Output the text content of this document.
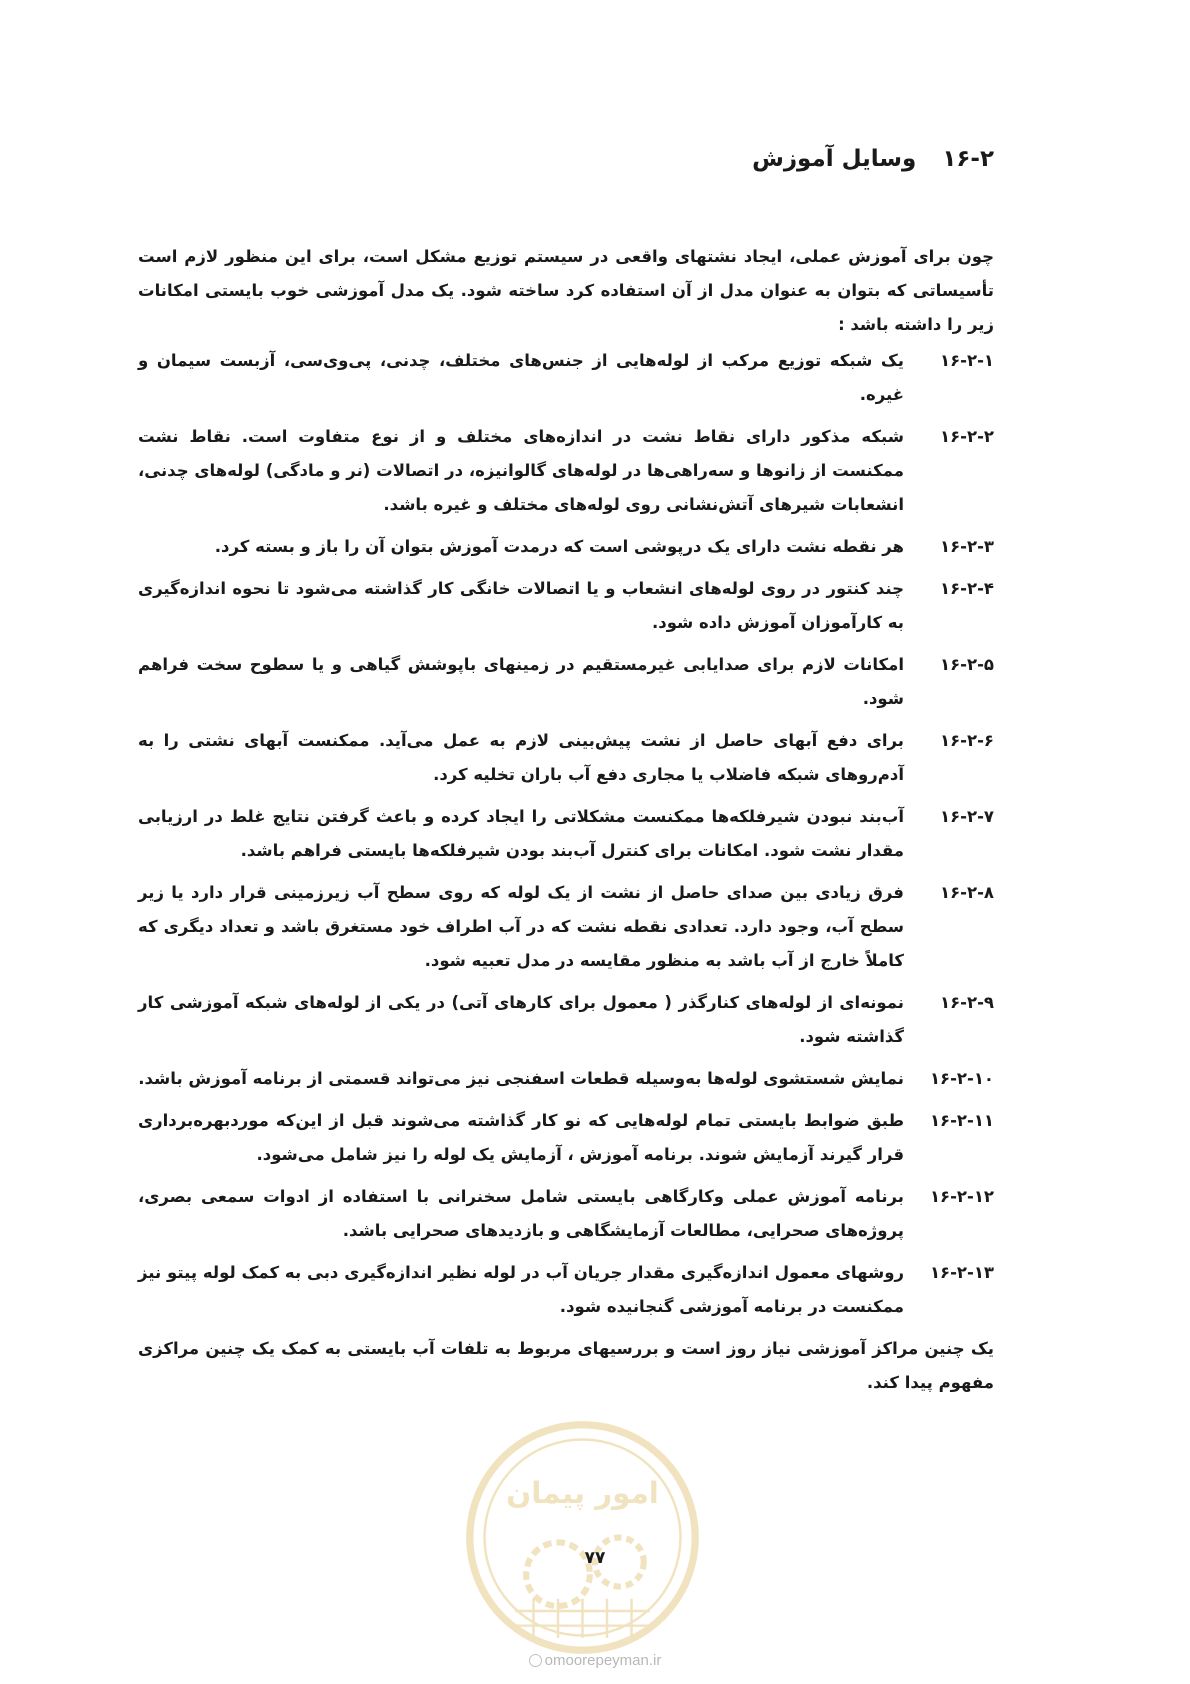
۱۶-۲وسایل آموزش

چون برای آموزش عملی، ایجاد نشتهای واقعی در سیستم توزیع مشکل است، برای این منظور لازم است تأسیساتی که بتوان به عنوان مدل از آن استفاده کرد ساخته شود. یک مدل آموزشی خوب بایستی امکانات زیر را داشته باشد :

۱۶-۲-۱
یک شبکه توزیع مرکب از لوله‌هایی از جنس‌های مختلف، چدنی، پی‌وی‌سی، آزبست سیمان و غیره.
۱۶-۲-۲
شبکه مذکور دارای نقاط نشت در اندازه‌های مختلف و از نوع متفاوت است. نقاط نشت ممکنست از زانوها و سه‌راهی‌ها در لوله‌های گالوانیزه، در اتصالات (نر و مادگی) لوله‌های چدنی، انشعابات شیرهای آتش‌نشانی روی لوله‌های مختلف و غیره باشد.
۱۶-۲-۳
هر نقطه نشت دارای یک درپوشی است که درمدت آموزش بتوان آن را باز و بسته کرد.
۱۶-۲-۴
چند کنتور در روی لوله‌های انشعاب و یا اتصالات خانگی کار گذاشته می‌شود تا نحوه اندازه‌گیری به کارآموزان آموزش داده شود.
۱۶-۲-۵
امکانات لازم برای صدایابی غیرمستقیم در زمینهای باپوشش گیاهی و یا سطوح سخت فراهم شود.
۱۶-۲-۶
برای دفع آبهای حاصل از نشت پیش‌بینی لازم به عمل می‌آید. ممکنست آبهای نشتی را به آدم‌روهای شبکه فاضلاب یا مجاری دفع آب باران تخلیه کرد.
۱۶-۲-۷
آب‌بند نبودن شیرفلکه‌ها ممکنست مشکلاتی را ایجاد کرده و باعث گرفتن نتایج غلط در ارزیابی مقدار نشت شود. امکانات برای کنترل آب‌بند بودن شیرفلکه‌ها بایستی فراهم باشد.
۱۶-۲-۸
فرق زیادی بین صدای حاصل از نشت از یک لوله که روی سطح آب زیرزمینی قرار دارد یا زیر سطح آب، وجود دارد. تعدادی نقطه نشت که در آب اطراف خود مستغرق باشد و تعداد دیگری که کاملاً خارج از آب باشد به منظور مقایسه در مدل تعبیه شود.
۱۶-۲-۹
نمونه‌ای از لوله‌های کنارگذر ( معمول برای کارهای آتی) در یکی از لوله‌های شبکه آموزشی کار گذاشته شود.
۱۶-۲-۱۰
نمایش شستشوی لوله‌ها به‌وسیله قطعات اسفنجی نیز می‌تواند قسمتی از برنامه آموزش باشد.
۱۶-۲-۱۱
طبق ضوابط بایستی تمام لوله‌هایی که نو کار گذاشته می‌شوند قبل از این‌که موردبهره‌برداری قرار گیرند آزمایش شوند. برنامه آموزش ، آزمایش یک لوله را نیز شامل می‌شود.
۱۶-۲-۱۲
برنامه آموزش عملی وکارگاهی بایستی شامل سخنرانی با استفاده از ادوات سمعی بصری، پروژه‌های صحرایی، مطالعات آزمایشگاهی و بازدیدهای صحرایی باشد.
۱۶-۲-۱۳
روشهای معمول اندازه‌گیری مقدار جریان آب در لوله نظیر اندازه‌گیری دبی به کمک لوله پیتو نیز ممکنست در برنامه آموزشی گنجانیده شود.

یک چنین مراکز آموزشی نیاز روز است و بررسیهای مربوط به تلفات آب بایستی به کمک یک چنین مراکزی مفهوم پیدا کند.

امور پیمان
۷۷
omoorepeyman.ir
